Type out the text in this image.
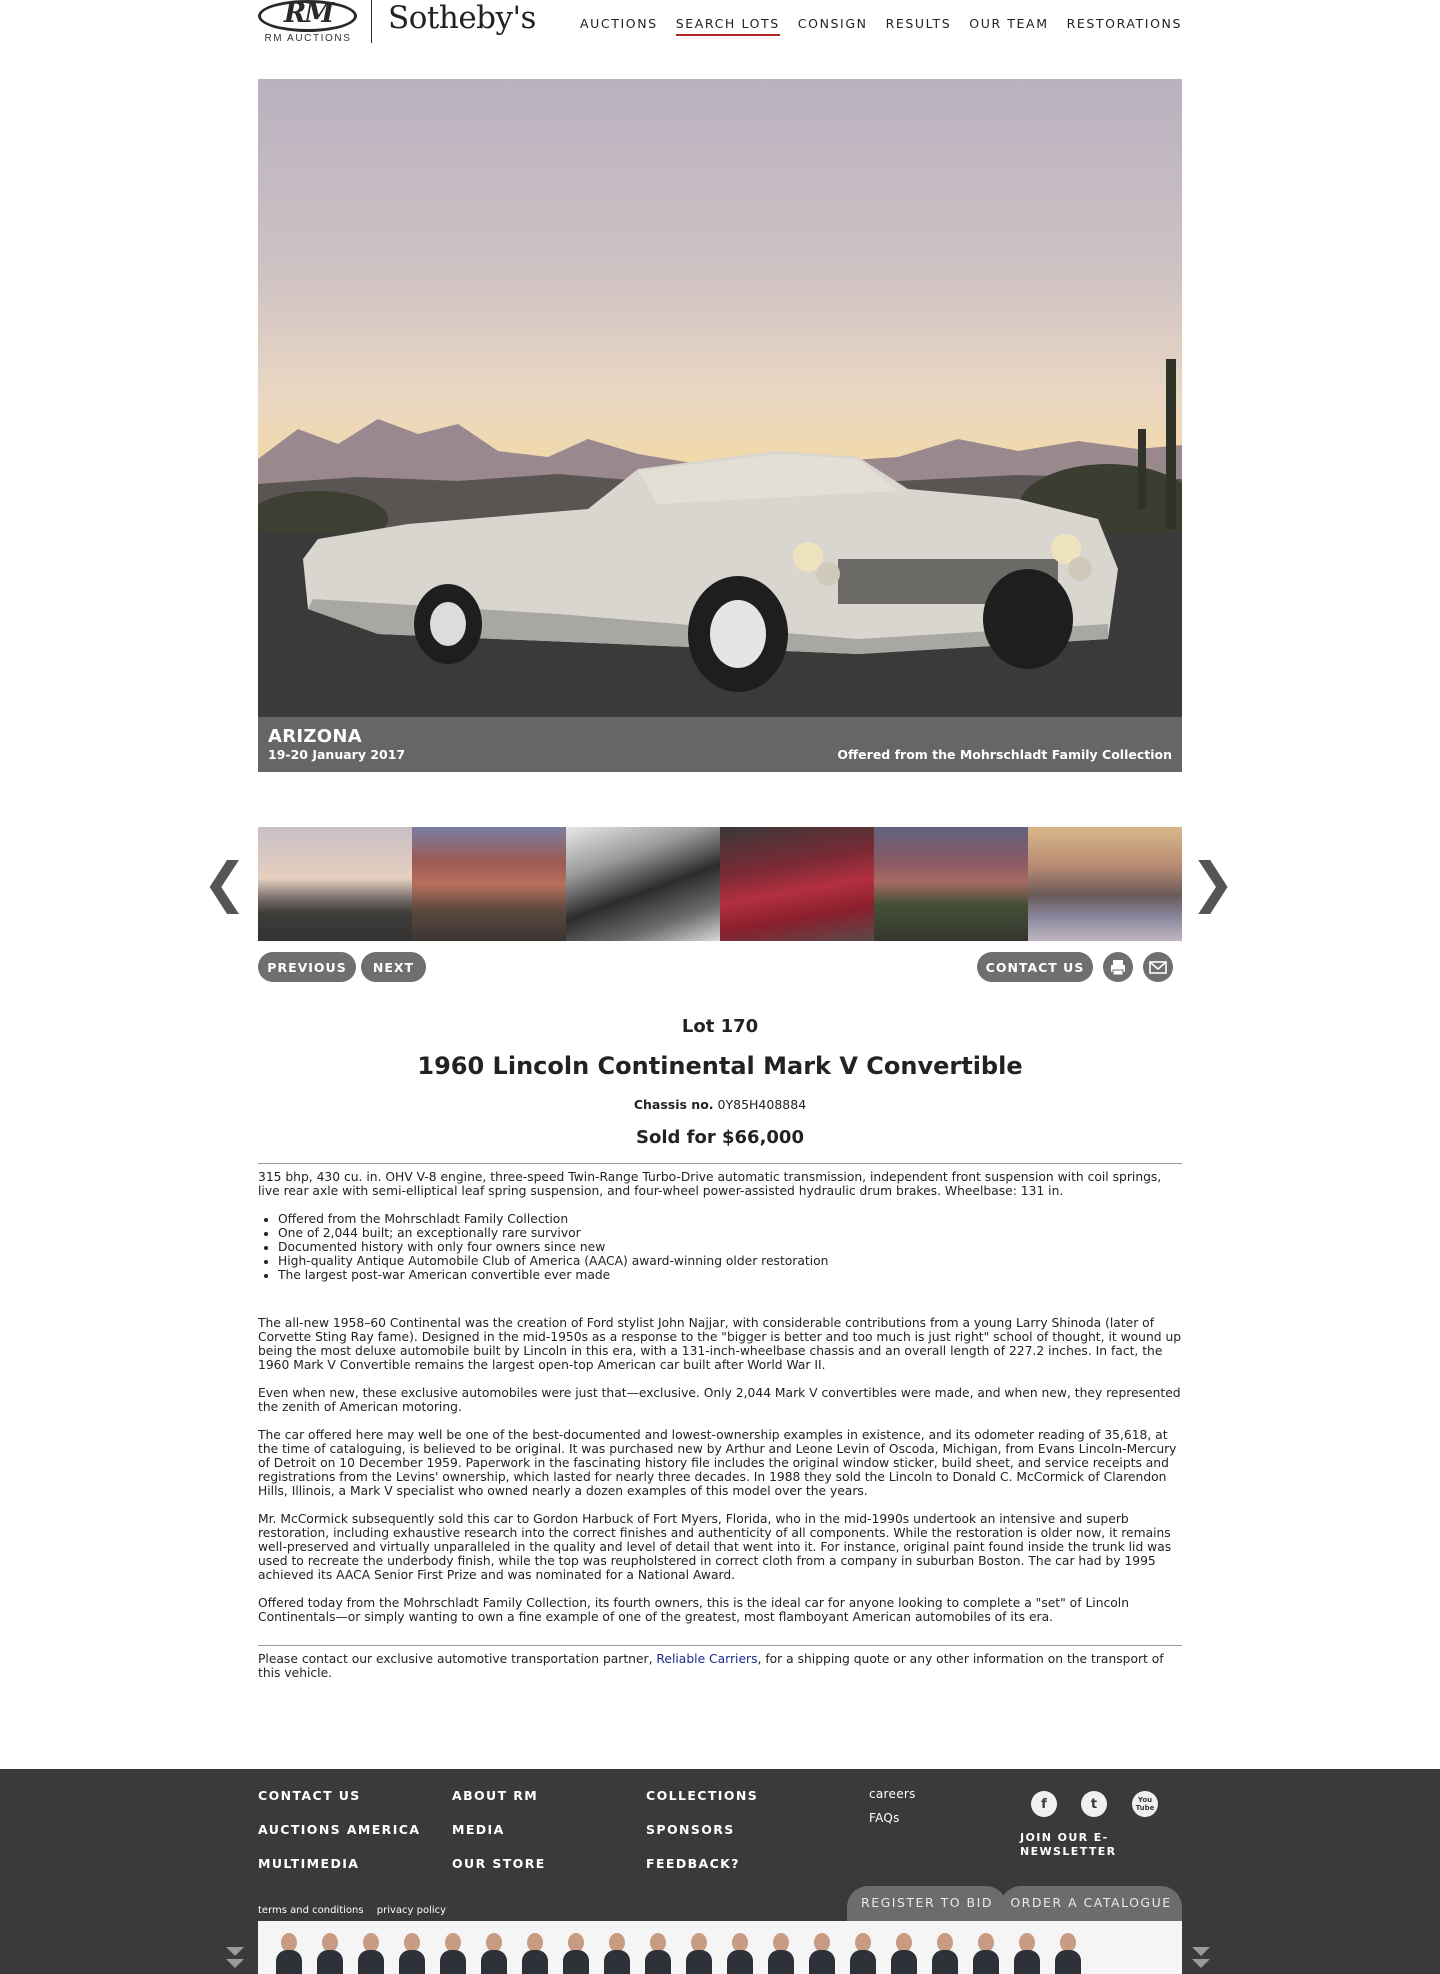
RM
RM AUCTIONS
Sotheby's	AUCTIONS SEARCH LOTS CONSIGN RESULTS OUR TEAM RESTORATIONS
ARIZONA
19-20 January 2017	Offered from the Mohrschladt Family Collection
❮	❯
PREVIOUS	NEXT	CONTACT US
Lot 170
1960 Lincoln Continental Mark V Convertible
Chassis no. 0Y85H408884
Sold for $66,000

315 bhp, 430 cu. in. OHV V-8 engine, three-speed Twin-Range Turbo-Drive automatic transmission, independent front suspension with coil springs, live rear axle with semi-elliptical leaf spring suspension, and four-wheel power-assisted hydraulic drum brakes. Wheelbase: 131 in.

• Offered from the Mohrschladt Family Collection
• One of 2,044 built; an exceptionally rare survivor
• Documented history with only four owners since new
• High-quality Antique Automobile Club of America (AACA) award-winning older restoration
• The largest post-war American convertible ever made

The all-new 1958–60 Continental was the creation of Ford stylist John Najjar, with considerable contributions from a young Larry Shinoda (later of Corvette Sting Ray fame). Designed in the mid-1950s as a response to the "bigger is better and too much is just right" school of thought, it wound up being the most deluxe automobile built by Lincoln in this era, with a 131-inch-wheelbase chassis and an overall length of 227.2 inches. In fact, the 1960 Mark V Convertible remains the largest open-top American car built after World War II.

Even when new, these exclusive automobiles were just that—exclusive. Only 2,044 Mark V convertibles were made, and when new, they represented the zenith of American motoring.

The car offered here may well be one of the best-documented and lowest-ownership examples in existence, and its odometer reading of 35,618, at the time of cataloguing, is believed to be original. It was purchased new by Arthur and Leone Levin of Oscoda, Michigan, from Evans Lincoln-Mercury of Detroit on 10 December 1959. Paperwork in the fascinating history file includes the original window sticker, build sheet, and service receipts and registrations from the Levins' ownership, which lasted for nearly three decades. In 1988 they sold the Lincoln to Donald C. McCormick of Clarendon Hills, Illinois, a Mark V specialist who owned nearly a dozen examples of this model over the years.

Mr. McCormick subsequently sold this car to Gordon Harbuck of Fort Myers, Florida, who in the mid-1990s undertook an intensive and superb restoration, including exhaustive research into the correct finishes and authenticity of all components. While the restoration is older now, it remains well-preserved and virtually unparalleled in the quality and level of detail that went into it. For instance, original paint found inside the trunk lid was used to recreate the underbody finish, while the top was reupholstered in correct cloth from a company in suburban Boston. The car had by 1995 achieved its AACA Senior First Prize and was nominated for a National Award.

Offered today from the Mohrschladt Family Collection, its fourth owners, this is the ideal car for anyone looking to complete a "set" of Lincoln Continentals—or simply wanting to own a fine example of one of the greatest, most flamboyant American automobiles of its era.

Please contact our exclusive automotive transportation partner, Reliable Carriers, for a shipping quote or any other information on the transport of this vehicle.
CONTACT US
AUCTIONS AMERICA
MULTIMEDIA
ABOUT RM
MEDIA
OUR STORE
COLLECTIONS
SPONSORS
FEEDBACK?
careers
FAQs
f	t	You Tube
JOIN OUR E-NEWSLETTER
terms and conditions privacy policy
REGISTER TO BID	ORDER A CATALOGUE
